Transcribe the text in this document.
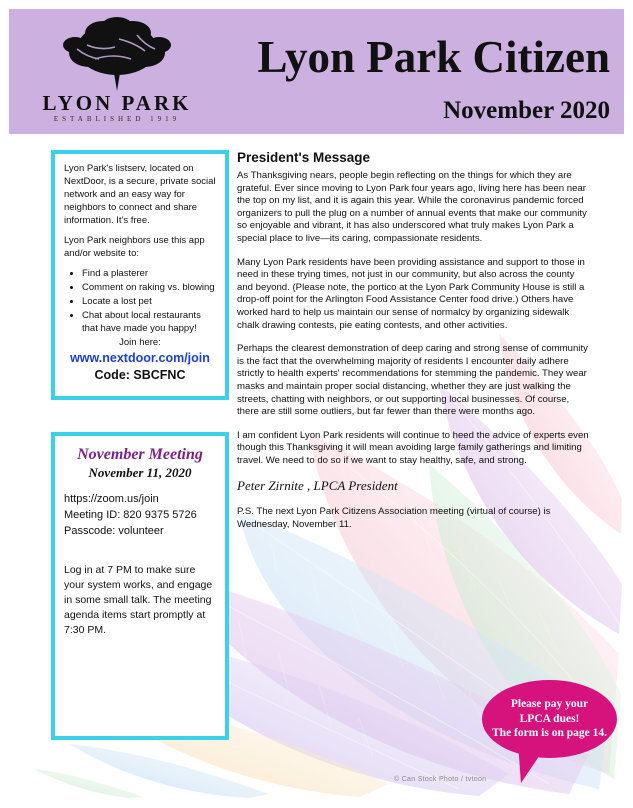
LYON PARK
ESTABLISHED 1919
Lyon Park Citizen
November 2020
© Can Stock Photo / tvtoon

Lyon Park's listserv, located on NextDoor, is a secure, private social network and an easy way for neighbors to connect and share information. It's free.

Lyon Park neighbors use this app and/or website to:

• Find a plasterer
• Comment on raking vs. blowing
• Locate a lost pet
• Chat about local restaurants that have made you happy!
Join here:
www.nextdoor.com/join
Code: SBCFNC
November Meeting
November 11, 2020
https://zoom.us/join
Meeting ID: 820 9375 5726
Passcode: volunteer
Log in at 7 PM to make sure your system works, and engage in some small talk. The meeting agenda items start promptly at 7:30 PM.
President's Message

As Thanksgiving nears, people begin reflecting on the things for which they are grateful. Ever since moving to Lyon Park four years ago, living here has been near the top on my list, and it is again this year. While the coronavirus pandemic forced organizers to pull the plug on a number of annual events that make our community so enjoyable and vibrant, it has also underscored what truly makes Lyon Park a special place to live—its caring, compassionate residents.

Many Lyon Park residents have been providing assistance and support to those in need in these trying times, not just in our community, but also across the county and beyond. (Please note, the portico at the Lyon Park Community House is still a drop-off point for the Arlington Food Assistance Center food drive.) Others have worked hard to help us maintain our sense of normalcy by organizing sidewalk chalk drawing contests, pie eating contests, and other activities.

Perhaps the clearest demonstration of deep caring and strong sense of community is the fact that the overwhelming majority of residents I encounter daily adhere strictly to health experts' recommendations for stemming the pandemic. They wear masks and maintain proper social distancing, whether they are just walking the streets, chatting with neighbors, or out supporting local businesses. Of course, there are still some outliers, but far fewer than there were months ago.

I am confident Lyon Park residents will continue to heed the advice of experts even though this Thanksgiving it will mean avoiding large family gatherings and limiting travel. We need to do so if we want to stay healthy, safe, and strong.

Peter Zirnite , LPCA President

P.S. The next Lyon Park Citizens Association meeting (virtual of course) is Wednesday, November 11.

Please pay your
LPCA dues!
The form is on page 14.
